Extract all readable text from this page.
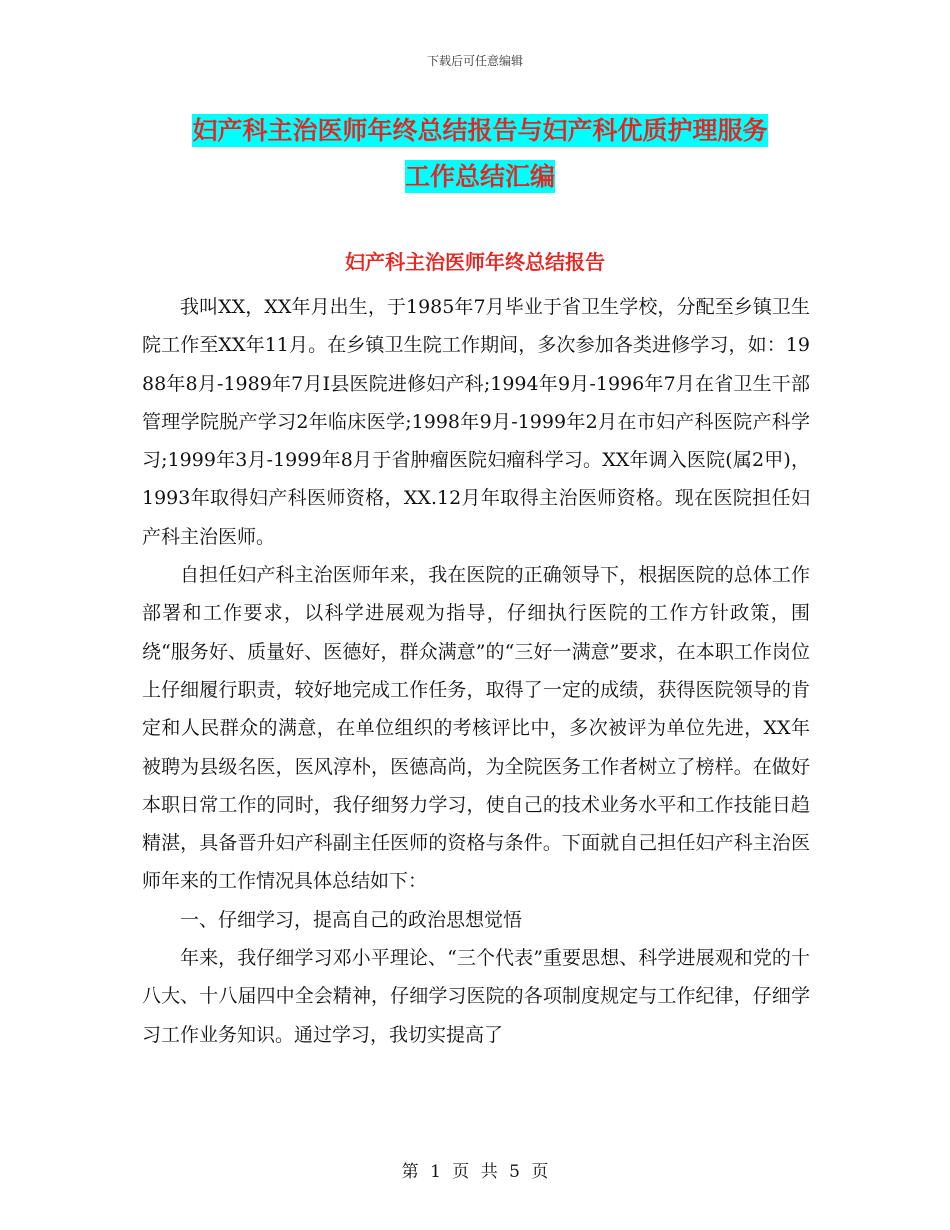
下载后可任意编辑
妇产科主治医师年终总结报告与妇产科优质护理服务
工作总结汇编
妇产科主治医师年终总结报告

我叫XX，XX年月出生，于1985年7月毕业于省卫生学校，分配至乡镇卫生院工作至XX年11月。在乡镇卫生院工作期间，多次参加各类进修学习，如：1988年8月-1989年7月I县医院进修妇产科;1994年9月-1996年7月在省卫生干部管理学院脱产学习2年临床医学;1998年9月-1999年2月在市妇产科医院产科学习;1999年3月-1999年8月于省肿瘤医院妇瘤科学习。XX年调入医院(属2甲)，1993年取得妇产科医师资格，XX.12月年取得主治医师资格。现在医院担任妇产科主治医师。

自担任妇产科主治医师年来，我在医院的正确领导下，根据医院的总体工作部署和工作要求，以科学进展观为指导，仔细执行医院的工作方针政策，围绕“服务好、质量好、医德好，群众满意”的“三好一满意”要求，在本职工作岗位上仔细履行职责，较好地完成工作任务，取得了一定的成绩，获得医院领导的肯定和人民群众的满意，在单位组织的考核评比中，多次被评为单位先进，XX年被聘为县级名医，医风淳朴，医德高尚，为全院医务工作者树立了榜样。在做好本职日常工作的同时，我仔细努力学习，使自己的技术业务水平和工作技能日趋精湛，具备晋升妇产科副主任医师的资格与条件。下面就自己担任妇产科主治医师年来的工作情况具体总结如下：

一、仔细学习，提高自己的政治思想觉悟

年来，我仔细学习邓小平理论、“三个代表”重要思想、科学进展观和党的十八大、十八届四中全会精神，仔细学习医院的各项制度规定与工作纪律，仔细学习工作业务知识。通过学习，我切实提高了

第 1 页 共 5 页
